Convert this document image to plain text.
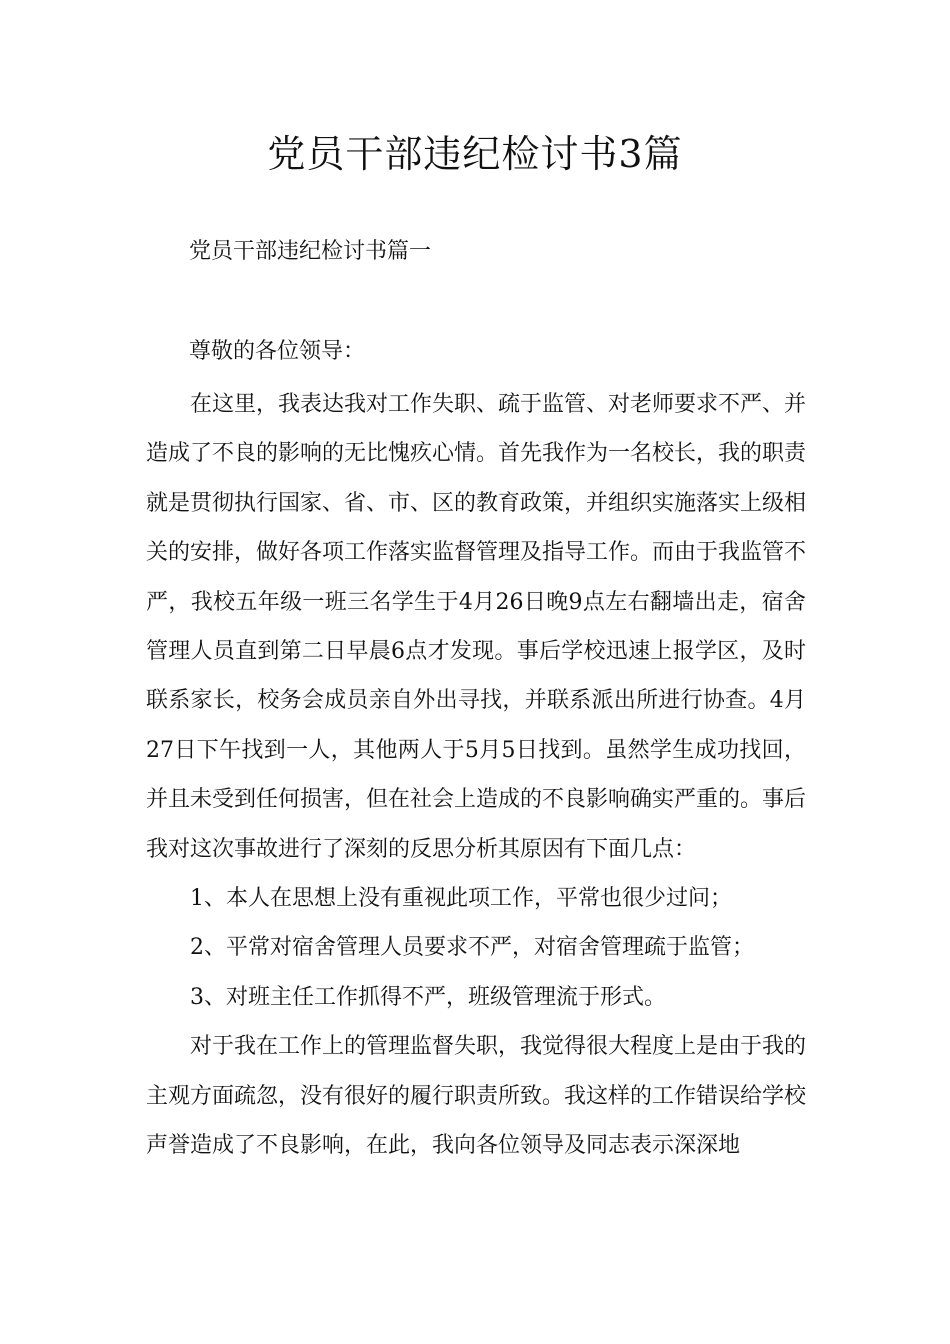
党员干部违纪检讨书3篇
党员干部违纪检讨书篇一

尊敬的各位领导：

在这里，我表达我对工作失职、疏于监管、对老师要求不严、并造成了不良的影响的无比愧疚心情。首先我作为一名校长，我的职责就是贯彻执行国家、省、市、区的教育政策，并组织实施落实上级相关的安排，做好各项工作落实监督管理及指导工作。而由于我监管不严，我校五年级一班三名学生于4月26日晚9点左右翻墙出走，宿舍管理人员直到第二日早晨6点才发现。事后学校迅速上报学区，及时联系家长，校务会成员亲自外出寻找，并联系派出所进行协查。4月27日下午找到一人，其他两人于5月5日找到。虽然学生成功找回，并且未受到任何损害，但在社会上造成的不良影响确实严重的。事后我对这次事故进行了深刻的反思分析其原因有下面几点：

1、本人在思想上没有重视此项工作，平常也很少过问；

2、平常对宿舍管理人员要求不严，对宿舍管理疏于监管；

3、对班主任工作抓得不严，班级管理流于形式。

对于我在工作上的管理监督失职，我觉得很大程度上是由于我的主观方面疏忽，没有很好的履行职责所致。我这样的工作错误给学校声誉造成了不良影响，在此，我向各位领导及同志表示深深地
